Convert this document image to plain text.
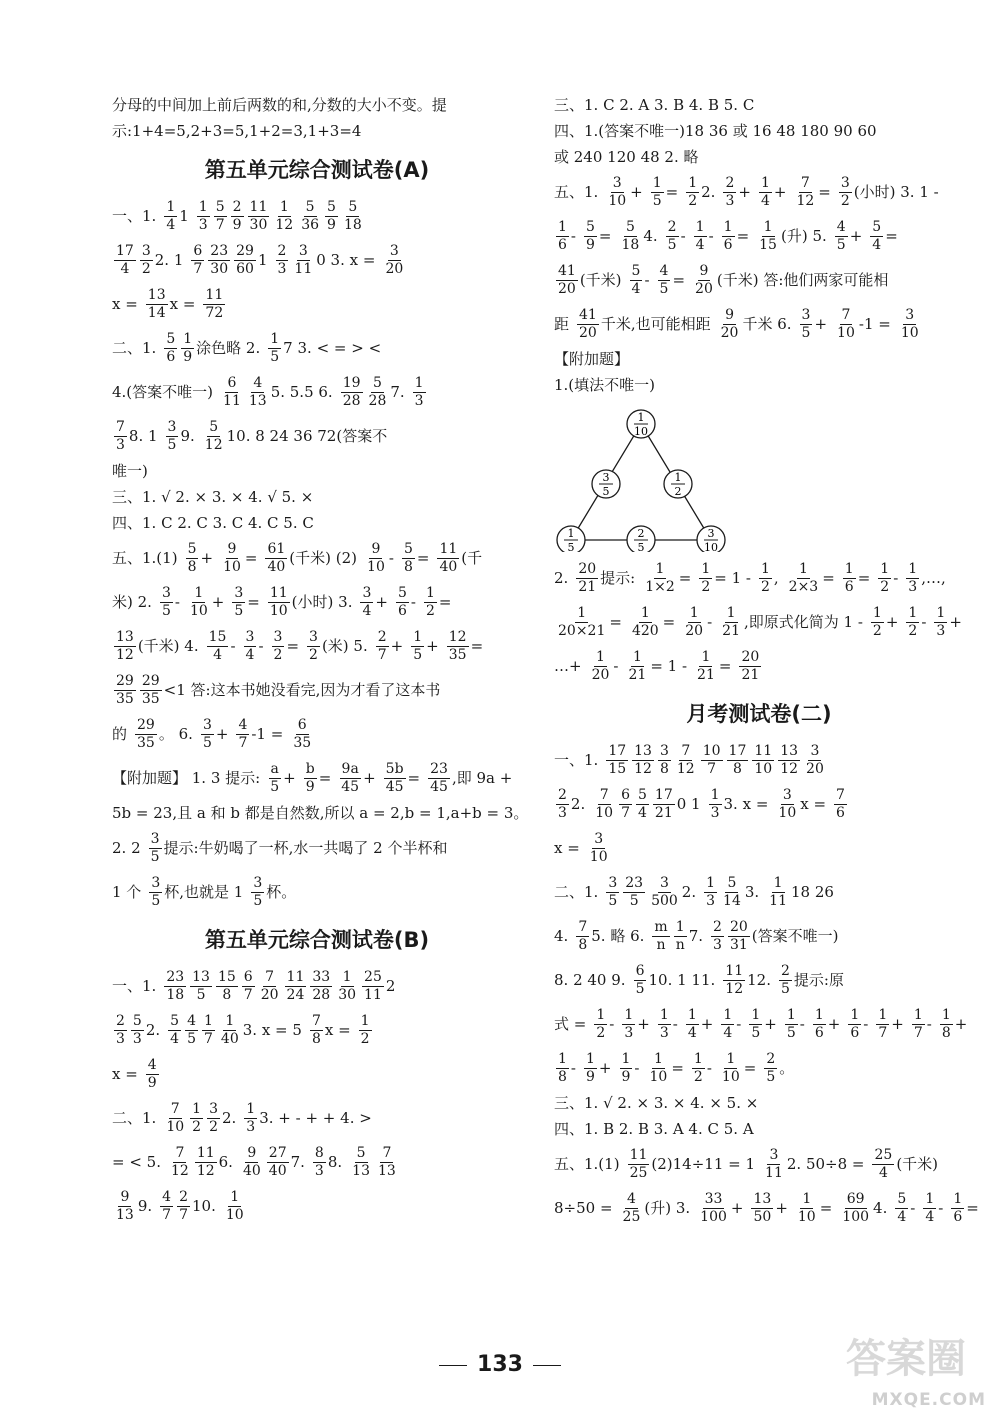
分母的中间加上前后两数的和,分数的大小不变。提
示:1+4=5,2+3=5,1+2=3,1+3=4
第五单元综合测试卷(A)
一、1. $\frac{1}{4} 1 \frac{1}{3} \frac{5}{7} \frac{2}{9} \frac{11}{30} \frac{1}{12} \frac{5}{36} \frac{5}{9} \frac{5}{18}$
$\frac{17}{4} \frac{3}{2} 2$. $1 \frac{6}{7} \frac{23}{30} \frac{29}{60} 1 \frac{2}{3} \frac{3}{11} 0$ 3. $x = \frac{3}{20}$
$x = \frac{13}{14}$ $x = \frac{11}{72}$
二、1. $\frac{5}{6} \frac{1}{9}$ 涂色略 2. $\frac{1}{5} 7$ 3. < = > <
4.(答案不唯一) $\frac{6}{11} \frac{4}{13} 5$. 5.5 6. $\frac{19}{28} \frac{5}{28} 7$. $\frac{1}{3}$
$\frac{7}{3} 8$. $1 \frac{3}{5} 9$. $\frac{5}{12} 10$. 8 24 36 72(答案不
唯一)
三、1. √ 2. × 3. × 4. √ 5. ×
四、1. C 2. C 3. C 4. C 5. C
五、$1.(1) \frac{5}{8} + \frac{9}{10} = \frac{61}{40}$ (千米) $(2) \frac{9}{10} - \frac{5}{8} = \frac{11}{40}$ (千
米) 2. $\frac{3}{5} - \frac{1}{10} + \frac{3}{5} = \frac{11}{10}$ (小时) 3. $\frac{3}{4} + \frac{5}{6} - \frac{1}{2}$ =
$\frac{13}{12}$ (千米) 4. $\frac{15}{4} - \frac{3}{4} - \frac{3}{2} = \frac{3}{2}$ (米) 5. $\frac{2}{7} + \frac{1}{5} + \frac{12}{35}$ =
$\frac{29}{35} \frac{29}{35} <1$ 答:这本书她没看完,因为才看了这本书
的 $\frac{29}{35}$ 。 6. $\frac{3}{5} + \frac{4}{7} -1 = \frac{6}{35}$
【附加题】 1. 3 提示: $\frac{a}{5} + \frac{b}{9} = \frac{9a}{45} + \frac{5b}{45} = \frac{23}{45}$ ,即 9a +
5b = 23,且 a 和 b 都是自然数,所以 a = 2,b = 1,a+b = 3。
2. $2 \frac{3}{5}$ 提示:牛奶喝了一杯,水一共喝了 2 个半杯和
1 个 $\frac{3}{5}$ 杯,也就是 $1 \frac{3}{5}$ 杯。
第五单元综合测试卷(B)
一、1. $\frac{23}{18} \frac{13}{5} \frac{15}{8} \frac{6}{7} \frac{7}{20} \frac{11}{24} \frac{33}{28} \frac{1}{30} \frac{25}{11} 2$
$\frac{2}{3} \frac{5}{3} 2$. $\frac{5}{4} \frac{4}{5} \frac{1}{7} \frac{1}{40} 3$. $x = 5 \frac{7}{8}$ $x = \frac{1}{2}$
$x = \frac{4}{9}$
二、1. $\frac{7}{10} \frac{1}{2} \frac{3}{2} 2$. $\frac{1}{3} 3$. + - + + 4. >
= < 5. $\frac{7}{12} \frac{11}{12} 6$. $\frac{9}{40} \frac{27}{40} 7$. $\frac{8}{3} 8$. $\frac{5}{13} \frac{7}{13}$
$\frac{9}{13} 9$. $\frac{4}{7} \frac{2}{7} 10$. $\frac{1}{10}$
三、1. C 2. A 3. B 4. B 5. C
四、1.(答案不唯一)18 36 或 16 48 180 90 60
或 240 120 48 2. 略
五、1. $\frac{3}{10} + \frac{1}{5} = \frac{1}{2} 2$. $\frac{2}{3} + \frac{1}{4} + \frac{7}{12} = \frac{3}{2}$ (小时) 3. 1 -
$\frac{1}{6} - \frac{5}{9} = \frac{5}{18} 4$. $\frac{2}{5} - \frac{1}{4} - \frac{1}{6} = \frac{1}{15}$ (升) 5. $\frac{4}{5} + \frac{5}{4}$ =
$\frac{41}{20}$ (千米) $\frac{5}{4} - \frac{4}{5} = \frac{9}{20}$ (千米) 答:他们两家可能相
距 $\frac{41}{20}$ 千米,也可能相距 $\frac{9}{20}$ 千米 6. $\frac{3}{5} + \frac{7}{10} -1 = \frac{3}{10}$
【附加题】
1.(填法不唯一)
1
10
3
5
1
2
1
5
2
5
3
10
2. $\frac{20}{21}$ 提示: $\frac{1}{1\times 2} = \frac{1}{2} = 1 - \frac{1}{2}$ , $\frac{1}{2\times 3} = \frac{1}{6} = \frac{1}{2} - \frac{1}{3}$ ,…,
$\frac{1}{20\times 21} = \frac{1}{420} = \frac{1}{20} - \frac{1}{21}$ ,即原式化简为 $1 - \frac{1}{2} + \frac{1}{2} - \frac{1}{3}$ +
…+ $\frac{1}{20} - \frac{1}{21} = 1 - \frac{1}{21} = \frac{20}{21}$
月考测试卷(二)
一、1. $\frac{17}{15} \frac{13}{12} \frac{3}{8} \frac{7}{12} \frac{10}{7} \frac{17}{8} \frac{11}{10} \frac{13}{12} \frac{3}{20}$
$\frac{2}{3} 2$. $\frac{7}{10} \frac{6}{7} \frac{5}{4} \frac{17}{21} 0$ $1 \frac{1}{3} 3$. $x = \frac{3}{10}$ $x = \frac{7}{6}$
$x = \frac{3}{10}$
二、1. $\frac{3}{5} \frac{23}{5} \frac{3}{500} 2$. $\frac{1}{3} \frac{5}{14} 3$. $\frac{1}{11} 18$ 26
4. $\frac{7}{8} 5$. 略 6. $\frac{m}{n} \frac{1}{n} 7$. $\frac{2}{3} \frac{20}{31}$ (答案不唯一)
8. 2 40 9. $\frac{6}{5} 10$. 1 11. $\frac{11}{12} 12$. $\frac{2}{5}$ 提示:原
式 = $\frac{1}{2} - \frac{1}{3} + \frac{1}{3} - \frac{1}{4} + \frac{1}{4} - \frac{1}{5} + \frac{1}{5} - \frac{1}{6} + \frac{1}{6} - \frac{1}{7} + \frac{1}{7} - \frac{1}{8}$ +
$\frac{1}{8} - \frac{1}{9} + \frac{1}{9} - \frac{1}{10} = \frac{1}{2} - \frac{1}{10} = \frac{2}{5}$ 。
三、1. √ 2. × 3. × 4. × 5. ×
四、1. B 2. B 3. A 4. C 5. A
五、$1.(1) \frac{11}{25} (2)14\div 11 = 1 \frac{3}{11} 2$. $50\div 8 = \frac{25}{4}$ (千米)
$8\div 50 = \frac{4}{25}$ (升) 3. $\frac{33}{100} + \frac{13}{50} + \frac{1}{10} = \frac{69}{100} 4$. $\frac{5}{4} - \frac{1}{4} - \frac{1}{6}$ =
133	答案圈
MXQE.COM
